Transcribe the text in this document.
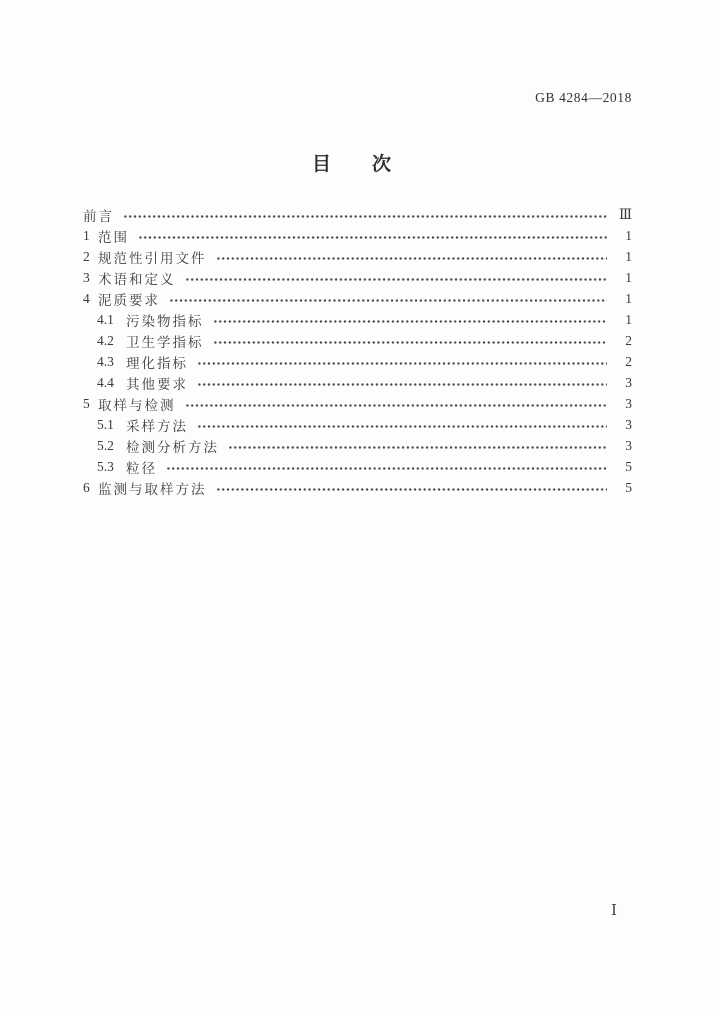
GB 4284—2018
目　次
前言	Ⅲ
1 范围	1
2 规范性引用文件	1
3 术语和定义	1
4 泥质要求	1
4.1 污染物指标	1
4.2 卫生学指标	2
4.3 理化指标	2
4.4 其他要求	3
5 取样与检测	3
5.1 采样方法	3
5.2 检测分析方法	3
5.3 粒径	5
6 监测与取样方法	5
Ⅰ
